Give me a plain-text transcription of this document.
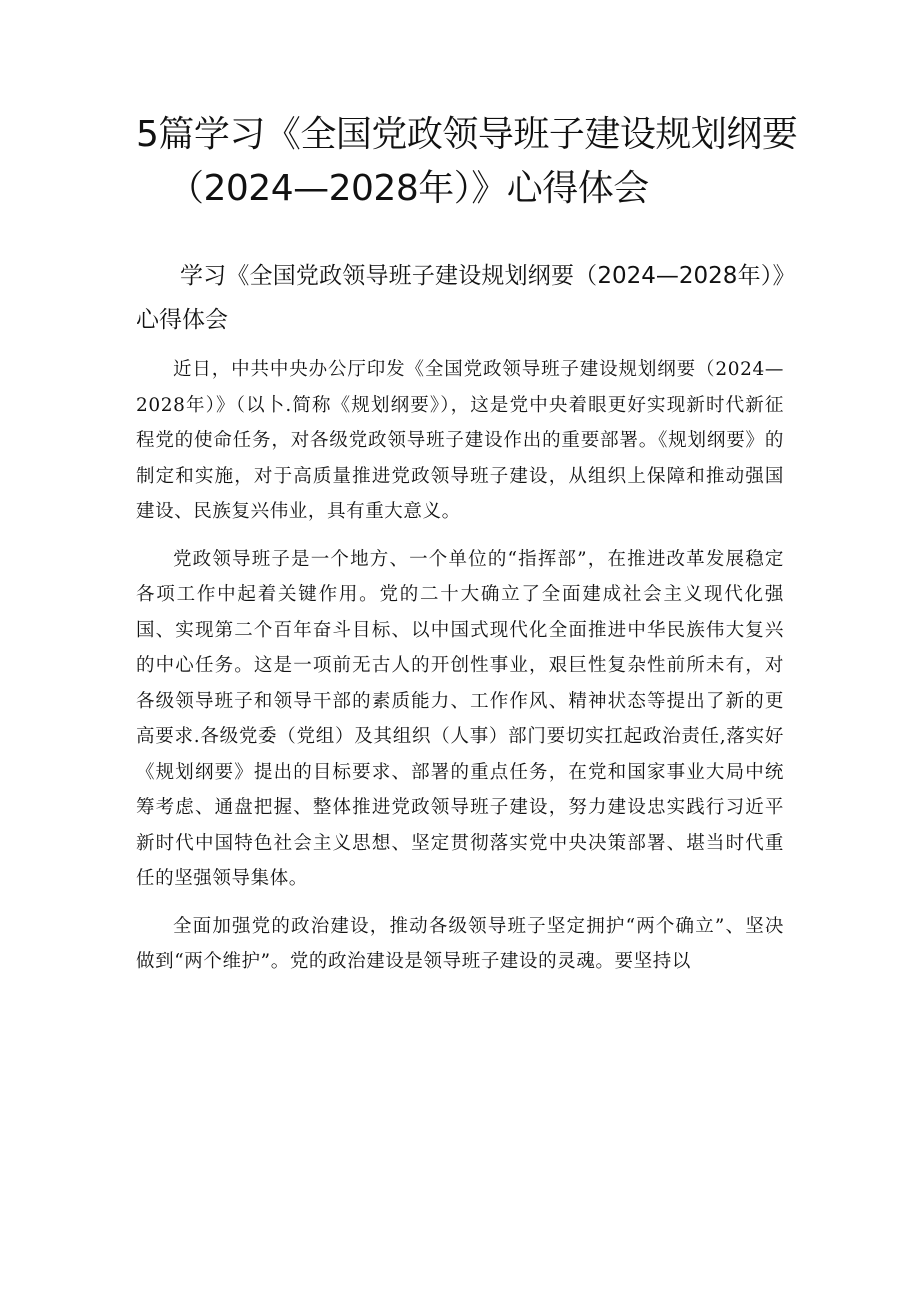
5篇学习《全国党政领导班子建设规划纲要
（2024—2028年）》心得体会

学习《全国党政领导班子建设规划纲要（2024—2028年）》心得体会

近日，中共中央办公厅印发《全国党政领导班子建设规划纲要（2024—2028年）》（以卜.简称《规划纲要》），这是党中央着眼更好实现新时代新征程党的使命任务，对各级党政领导班子建设作出的重要部署。《规划纲要》的制定和实施，对于高质量推进党政领导班子建设，从组织上保障和推动强国建设、民族复兴伟业，具有重大意义。

党政领导班子是一个地方、一个单位的“指挥部”，在推进改革发展稳定各项工作中起着关键作用。党的二十大确立了全面建成社会主义现代化强国、实现第二个百年奋斗目标、以中国式现代化全面推进中华民族伟大复兴的中心任务。这是一项前无古人的开创性事业，艰巨性复杂性前所未有，对各级领导班子和领导干部的素质能力、工作作风、精神状态等提出了新的更高要求.各级党委（党组）及其组织（人事）部门要切实扛起政治责任,落实好《规划纲要》提出的目标要求、部署的重点任务，在党和国家事业大局中统筹考虑、通盘把握、整体推进党政领导班子建设，努力建设忠实践行习近平新时代中国特色社会主义思想、坚定贯彻落实党中央决策部署、堪当时代重任的坚强领导集体。

全面加强党的政治建设，推动各级领导班子坚定拥护“两个确立”、坚决做到“两个维护”。党的政治建设是领导班子建设的灵魂。要坚持以
